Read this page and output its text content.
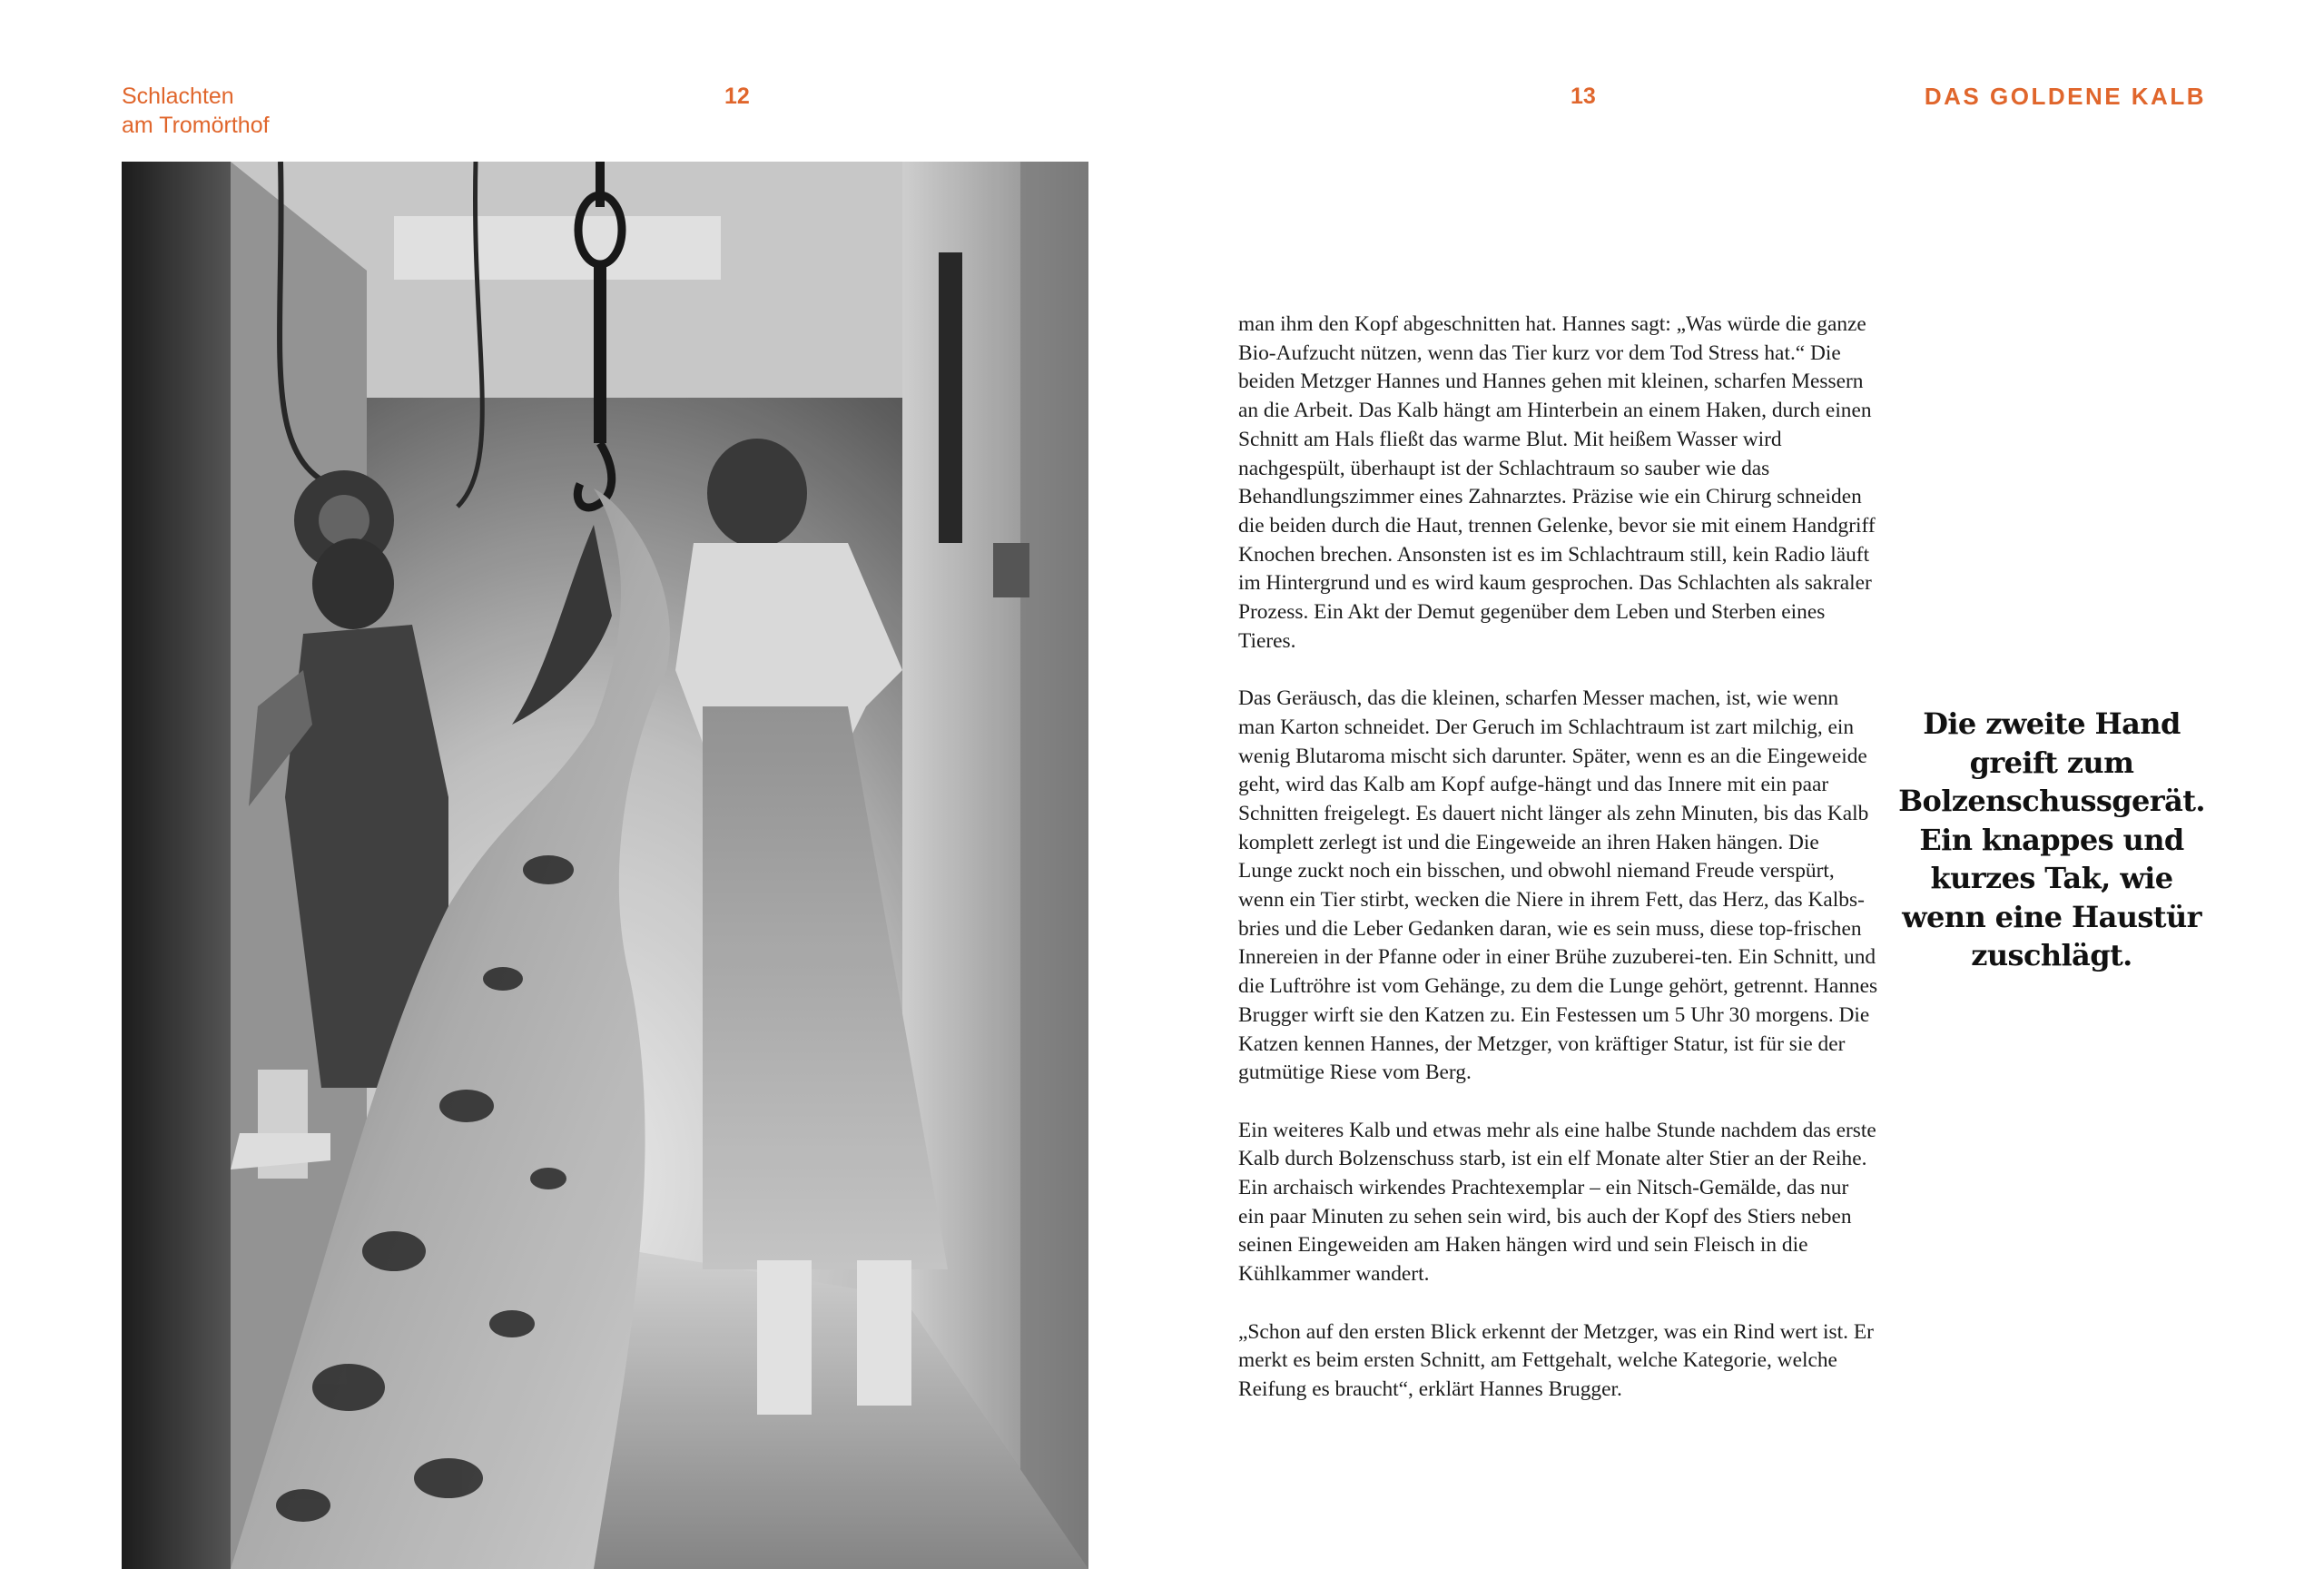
Schlachten
am Tromörthof
12	13	DAS GOLDENE KALB

man ihm den Kopf abgeschnitten hat. Hannes sagt: „Was würde die ganze Bio-Aufzucht nützen, wenn das Tier kurz vor dem Tod Stress hat.“ Die beiden Metzger Hannes und Hannes gehen mit kleinen, scharfen Messern an die Arbeit. Das Kalb hängt am Hinterbein an einem Haken, durch einen Schnitt am Hals fließt das warme Blut. Mit heißem Wasser wird nachgespült, überhaupt ist der Schlachtraum so sauber wie das Behandlungszimmer eines Zahnarztes. Präzise wie ein Chirurg schneiden die beiden durch die Haut, trennen Gelenke, bevor sie mit einem Handgriff Knochen brechen. Ansonsten ist es im Schlachtraum still, kein Radio läuft im Hintergrund und es wird kaum gesprochen. Das Schlachten als sakraler Prozess. Ein Akt der Demut gegenüber dem Leben und Sterben eines Tieres.

Das Geräusch, das die kleinen, scharfen Messer machen, ist, wie wenn man Karton schneidet. Der Geruch im Schlachtraum ist zart milchig, ein wenig Blutaroma mischt sich darunter. Später, wenn es an die Eingeweide geht, wird das Kalb am Kopf aufge-hängt und das Innere mit ein paar Schnitten freigelegt. Es dauert nicht länger als zehn Minuten, bis das Kalb komplett zerlegt ist und die Eingeweide an ihren Haken hängen. Die Lunge zuckt noch ein bisschen, und obwohl niemand Freude verspürt, wenn ein Tier stirbt, wecken die Niere in ihrem Fett, das Herz, das Kalbs-bries und die Leber Gedanken daran, wie es sein muss, diese top-frischen Innereien in der Pfanne oder in einer Brühe zuzuberei-ten. Ein Schnitt, und die Luftröhre ist vom Gehänge, zu dem die Lunge gehört, getrennt. Hannes Brugger wirft sie den Katzen zu. Ein Festessen um 5 Uhr 30 morgens. Die Katzen kennen Hannes, der Metzger, von kräftiger Statur, ist für sie der gutmütige Riese vom Berg.

Ein weiteres Kalb und etwas mehr als eine halbe Stunde nachdem das erste Kalb durch Bolzenschuss starb, ist ein elf Monate alter Stier an der Reihe. Ein archaisch wirkendes Prachtexemplar – ein Nitsch-Gemälde, das nur ein paar Minuten zu sehen sein wird, bis auch der Kopf des Stiers neben seinen Eingeweiden am Haken hängen wird und sein Fleisch in die Kühlkammer wandert.

„Schon auf den ersten Blick erkennt der Metzger, was ein Rind wert ist. Er merkt es beim ersten Schnitt, am Fettgehalt, welche Kategorie, welche Reifung es braucht“, erklärt Hannes Brugger.

Die zweite Hand
greift zum
Bolzenschussgerät.
Ein knappes und
kurzes Tak, wie
wenn eine Haustür
zuschlägt.
